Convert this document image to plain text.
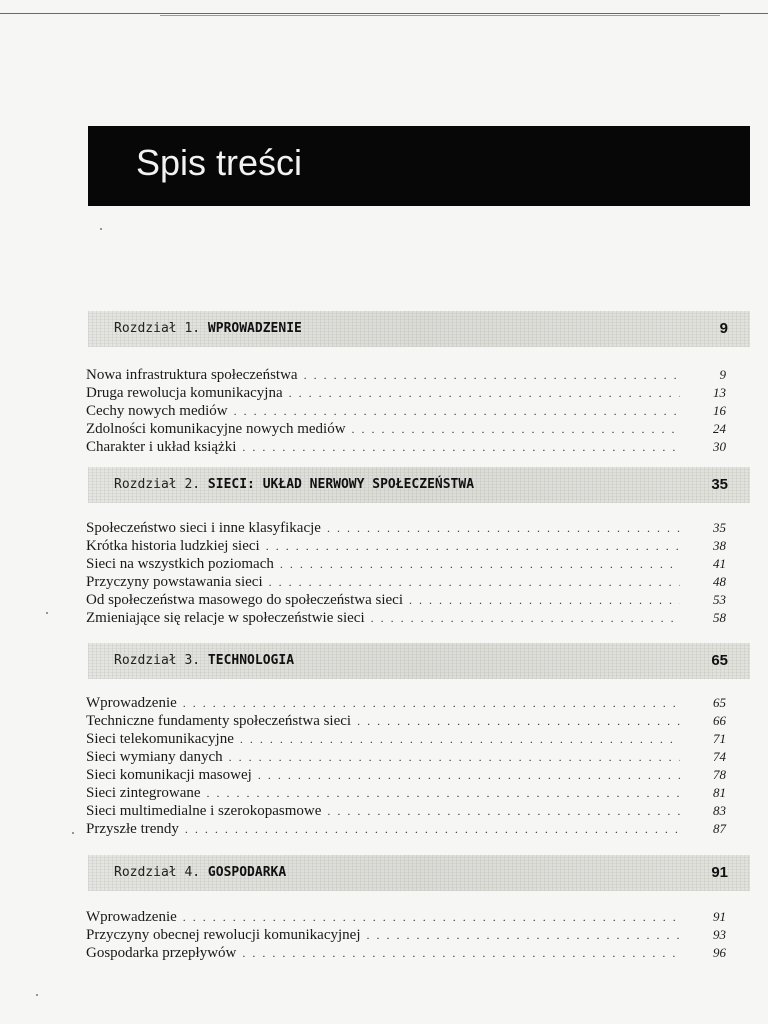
Spis treści
Rozdział 1. WPROWADZENIE	9
Nowa infrastruktura społeczeństwa . . .	9
Druga rewolucja komunikacyjna . . .	13
Cechy nowych mediów . . .	16
Zdolności komunikacyjne nowych mediów . . .	24
Charakter i układ książki . . .	30
Rozdział 2. SIECI: UKŁAD NERWOWY SPOŁECZEŃSTWA	35
Społeczeństwo sieci i inne klasyfikacje . . .	35
Krótka historia ludzkiej sieci . . .	38
Sieci na wszystkich poziomach . . .	41
Przyczyny powstawania sieci . . .	48
Od społeczeństwa masowego do społeczeństwa sieci . . .	53
Zmieniające się relacje w społeczeństwie sieci . . .	58
Rozdział 3. TECHNOLOGIA	65
Wprowadzenie . . .	65
Techniczne fundamenty społeczeństwa sieci . . .	66
Sieci telekomunikacyjne . . .	71
Sieci wymiany danych . . .	74
Sieci komunikacji masowej . . .	78
Sieci zintegrowane . . .	81
Sieci multimedialne i szerokopasmowe . . .	83
Przyszłe trendy . . .	87
Rozdział 4. GOSPODARKA	91
Wprowadzenie . . .	91
Przyczyny obecnej rewolucji komunikacyjnej . . .	93
Gospodarka przepływów . . .	96
